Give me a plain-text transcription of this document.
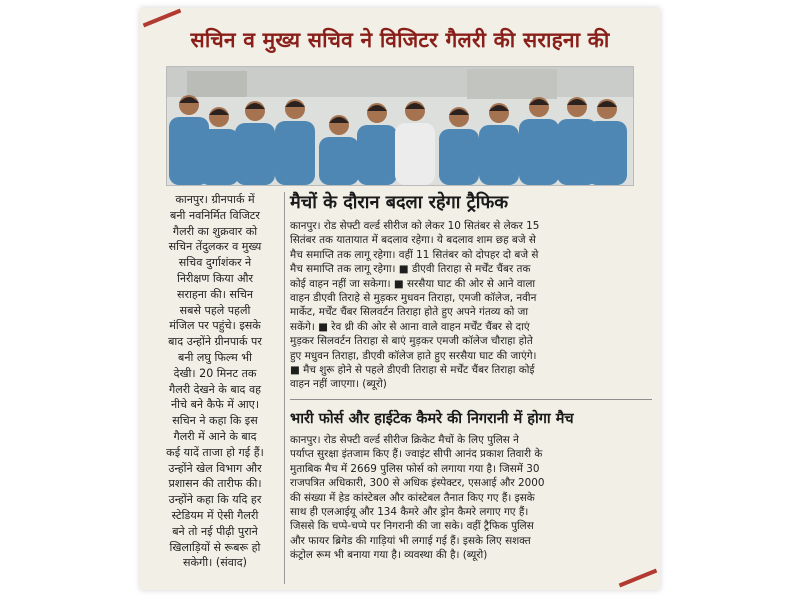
सचिन व मुख्य सचिव ने विजिटर गैलरी की सराहना की

कानपुर। ग्रीनपार्क में

बनी नवनिर्मित विजिटर

गैलरी का शुक्रवार को

सचिन तेंदुलकर व मुख्य

सचिव दुर्गाशंकर ने

निरीक्षण किया और

सराहना की। सचिन

सबसे पहले पहली

मंजिल पर पहुंचे। इसके

बाद उन्होंने ग्रीनपार्क पर

बनी लघु फिल्म भी

देखी। 20 मिनट तक

गैलरी देखने के बाद वह

नीचे बने कैफे में आए।

सचिन ने कहा कि इस

गैलरी में आने के बाद

कई यादें ताजा हो गई हैं।

उन्होंने खेल विभाग और

प्रशासन की तारीफ की।

उन्होंने कहा कि यदि हर

स्टेडियम में ऐसी गैलरी

बने तो नई पीढ़ी पुराने

खिलाड़ियों से रूबरू हो

सकेगी। (संवाद)

मैचों के दौरान बदला रहेगा ट्रैफिक

कानपुर। रोड सेफ्टी वर्ल्ड सीरीज को लेकर 10 सितंबर से लेकर 15

सितंबर तक यातायात में बदलाव रहेगा। ये बदलाव शाम छह बजे से

मैच समाप्ति तक लागू रहेगा। वहीं 11 सितंबर को दोपहर दो बजे से

मैच समाप्ति तक लागू रहेगा। ■ डीएवी तिराहा से मर्चेंट चैंबर तक

कोई वाहन नहीं जा सकेगा। ■ सरसैया घाट की ओर से आने वाला

वाहन डीएवी तिराहे से मुड़कर मुधवन तिराहा, एमजी कॉलेज, नवीन

मार्केट, मर्चेंट चैंबर सिलवर्टन तिराहा होते हुए अपने गंतव्य को जा

सकेंगे। ■ रेव थ्री की ओर से आना वाले वाहन मर्चेंट चैंबर से दाएं

मुड़कर सिलवर्टन तिराहा से बाएं मुड़कर एमजी कॉलेज चौराहा होते

हुए मधुवन तिराहा, डीएवी कॉलेज हाते हुए सरसैया घाट की जाएंगे।

■ मैच शुरू होने से पहले डीएवी तिराहा से मर्चेंट चैंबर तिराहा कोई

वाहन नहीं जाएगा। (ब्यूरो)

भारी फोर्स और हाईटेक कैमरे की निगरानी में होगा मैच

कानपुर। रोड सेफ्टी वर्ल्ड सीरीज क्रिकेट मैचों के लिए पुलिस ने

पर्याप्त सुरक्षा इंतजाम किए हैं। ज्वाइंट सीपी आनंद प्रकाश तिवारी के

मुताबिक मैच में 2669 पुलिस फोर्स को लगाया गया है। जिसमें 30

राजपत्रित अधिकारी, 300 से अधिक इंस्पेक्टर, एसआई और 2000

की संख्या में हेड कांस्टेबल और कांस्टेबल तैनात किए गए हैं। इसके

साथ ही एलआईयू और 134 कैमरे और ड्रोन कैमरे लगाए गए हैं।

जिससे कि चप्पे-चप्पे पर निगरानी की जा सके। वहीं ट्रैफिक पुलिस

और फायर ब्रिगेड की गाड़ियां भी लगाई गई हैं। इसके लिए सशक्त

कंट्रोल रूम भी बनाया गया है। व्यवस्था की है। (ब्यूरो)
